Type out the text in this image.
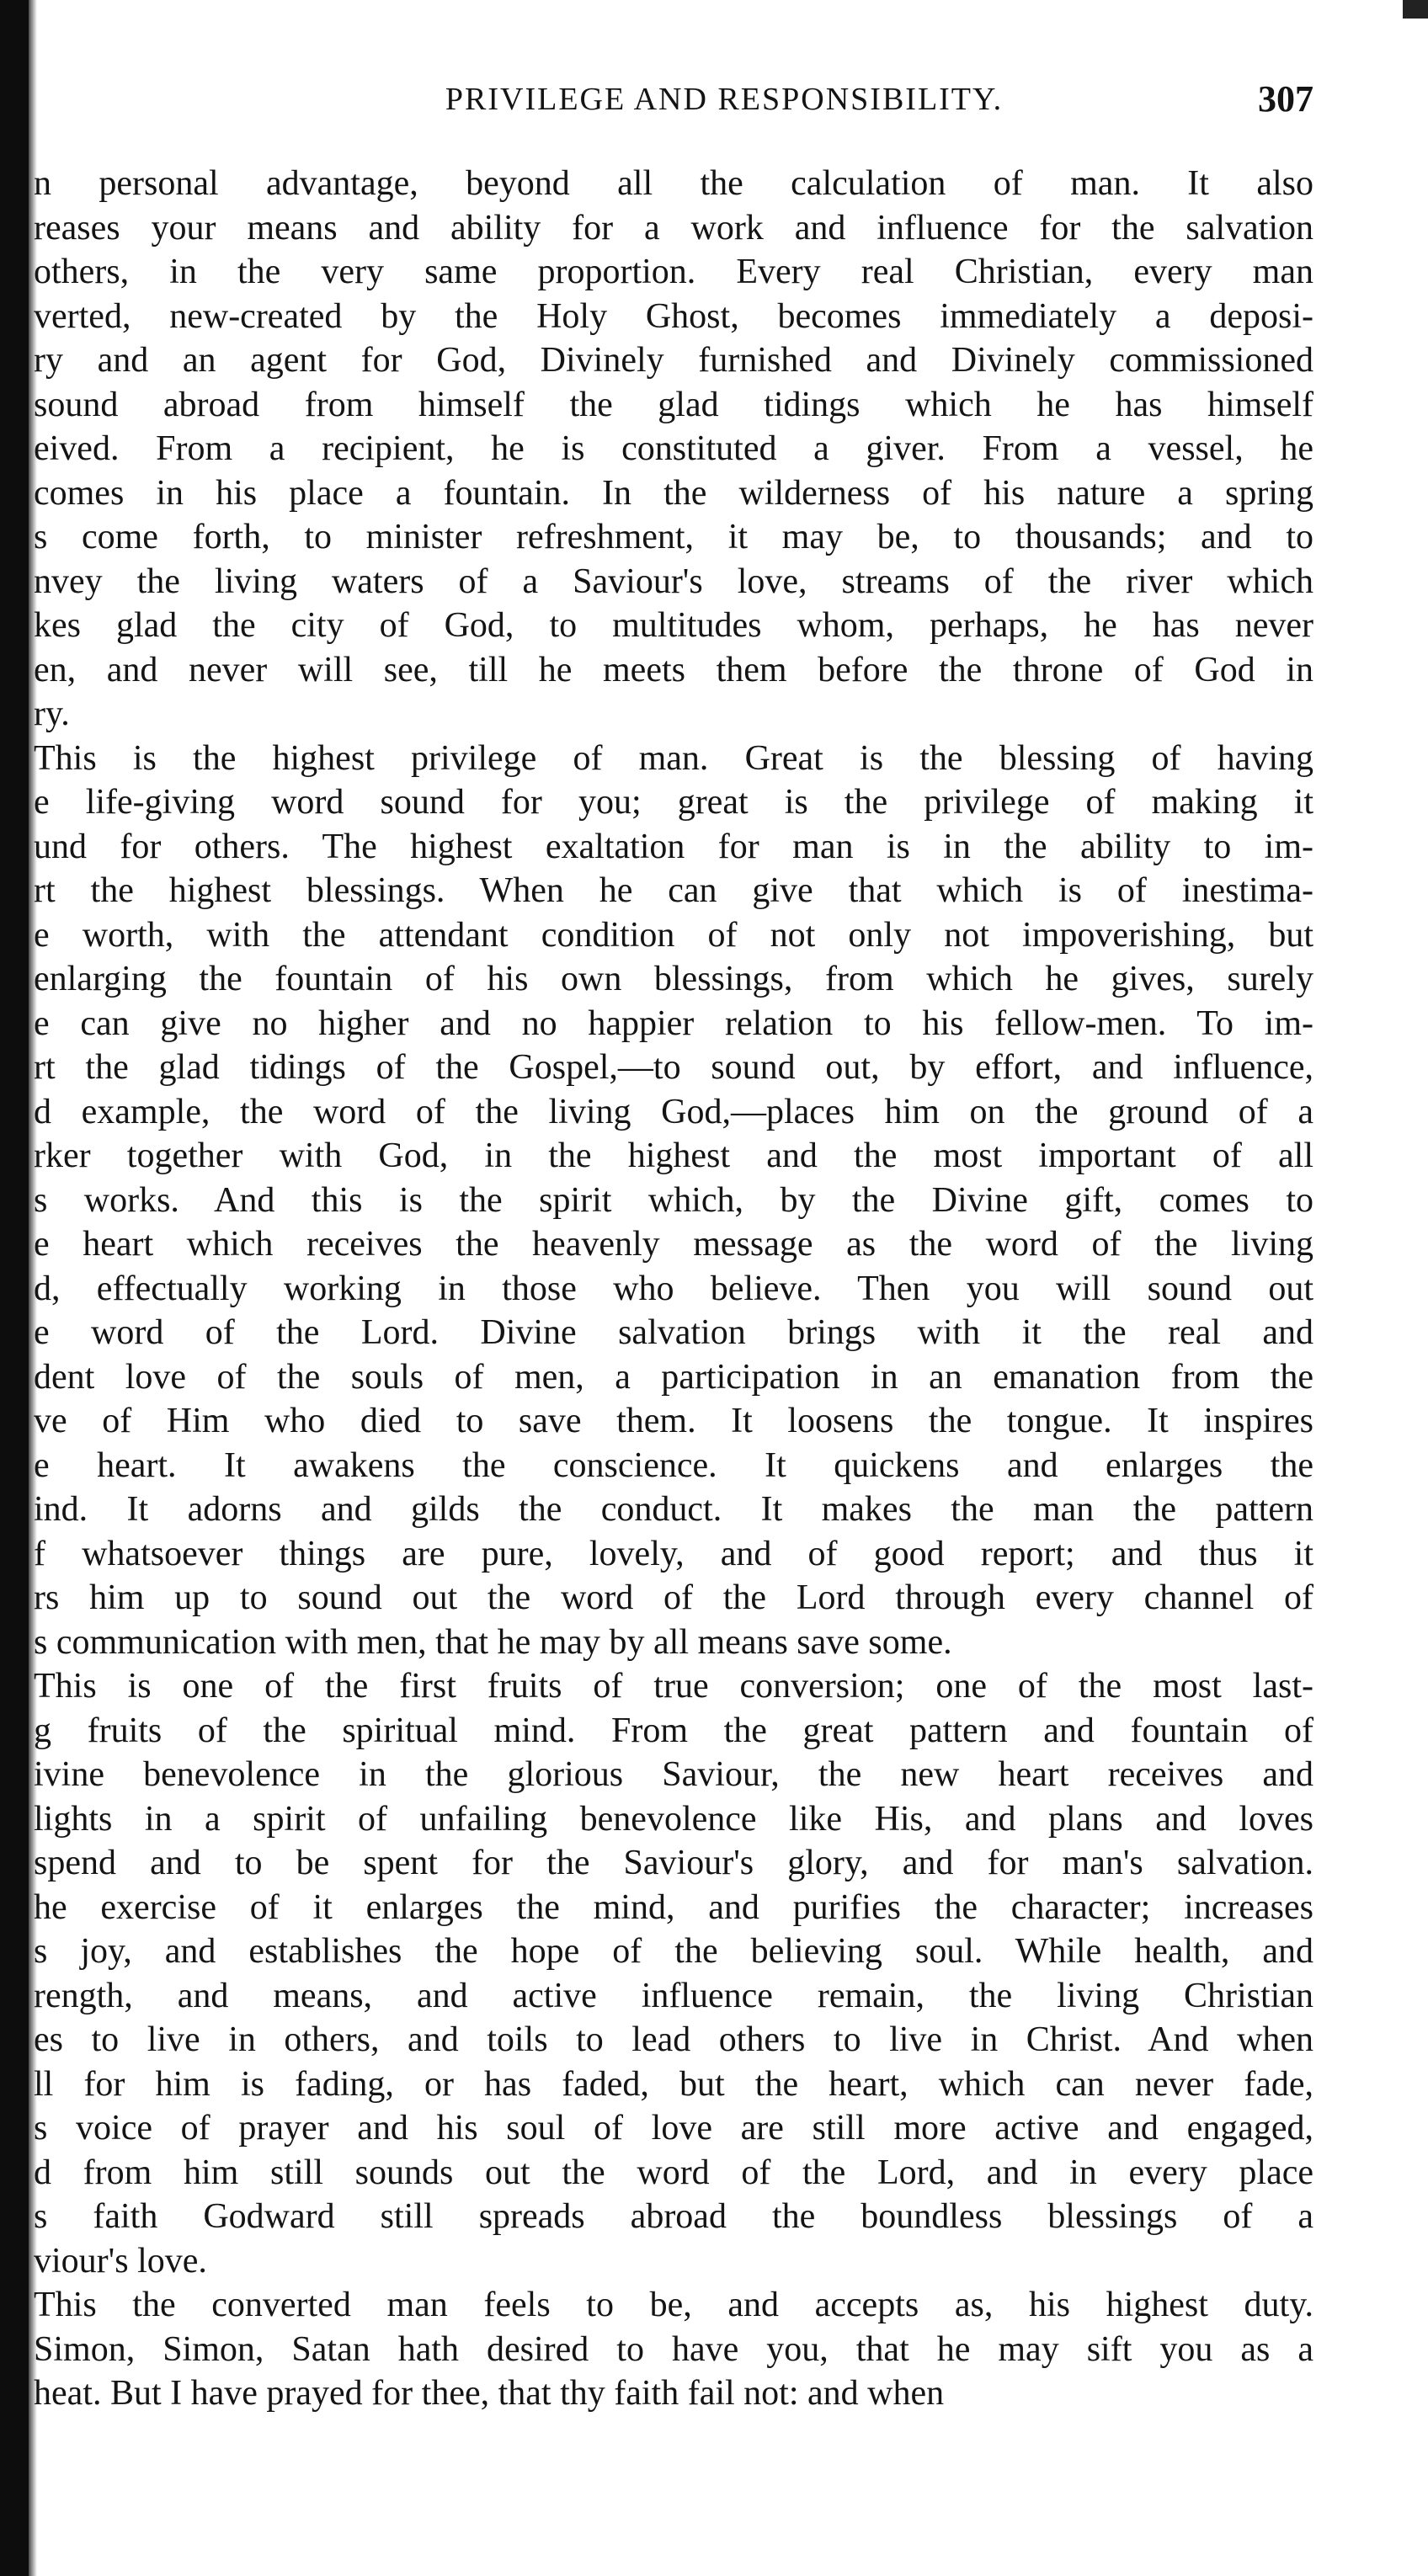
PRIVILEGE AND RESPONSIBILITY.	307
n personal advantage, beyond all the calculation of man. It also
reases your means and ability for a work and influence for the salvation
others, in the very same proportion. Every real Christian, every man
verted, new-created by the Holy Ghost, becomes immediately a deposi-
ry and an agent for God, Divinely furnished and Divinely commissioned
sound abroad from himself the glad tidings which he has himself
eived. From a recipient, he is constituted a giver. From a vessel, he
comes in his place a fountain. In the wilderness of his nature a spring
s come forth, to minister refreshment, it may be, to thousands; and to
nvey the living waters of a Saviour's love, streams of the river which
kes glad the city of God, to multitudes whom, perhaps, he has never
en, and never will see, till he meets them before the throne of God in
ry.
This is the highest privilege of man. Great is the blessing of having
e life-giving word sound for you; great is the privilege of making it
und for others. The highest exaltation for man is in the ability to im-
rt the highest blessings. When he can give that which is of inestima-
e worth, with the attendant condition of not only not impoverishing, but
enlarging the fountain of his own blessings, from which he gives, surely
e can give no higher and no happier relation to his fellow-men. To im-
rt the glad tidings of the Gospel,—to sound out, by effort, and influence,
d example, the word of the living God,—places him on the ground of a
rker together with God, in the highest and the most important of all
s works. And this is the spirit which, by the Divine gift, comes to
e heart which receives the heavenly message as the word of the living
d, effectually working in those who believe. Then you will sound out
e word of the Lord. Divine salvation brings with it the real and
dent love of the souls of men, a participation in an emanation from the
ve of Him who died to save them. It loosens the tongue. It inspires
e heart. It awakens the conscience. It quickens and enlarges the
ind. It adorns and gilds the conduct. It makes the man the pattern
f whatsoever things are pure, lovely, and of good report; and thus it
rs him up to sound out the word of the Lord through every channel of
s communication with men, that he may by all means save some.
This is one of the first fruits of true conversion; one of the most last-
g fruits of the spiritual mind. From the great pattern and fountain of
ivine benevolence in the glorious Saviour, the new heart receives and
lights in a spirit of unfailing benevolence like His, and plans and loves
spend and to be spent for the Saviour's glory, and for man's salvation.
he exercise of it enlarges the mind, and purifies the character; increases
s joy, and establishes the hope of the believing soul. While health, and
rength, and means, and active influence remain, the living Christian
es to live in others, and toils to lead others to live in Christ. And when
ll for him is fading, or has faded, but the heart, which can never fade,
s voice of prayer and his soul of love are still more active and engaged,
d from him still sounds out the word of the Lord, and in every place
s faith Godward still spreads abroad the boundless blessings of a
viour's love.
This the converted man feels to be, and accepts as, his highest duty.
Simon, Simon, Satan hath desired to have you, that he may sift you as a
heat. But I have prayed for thee, that thy faith fail not: and when
